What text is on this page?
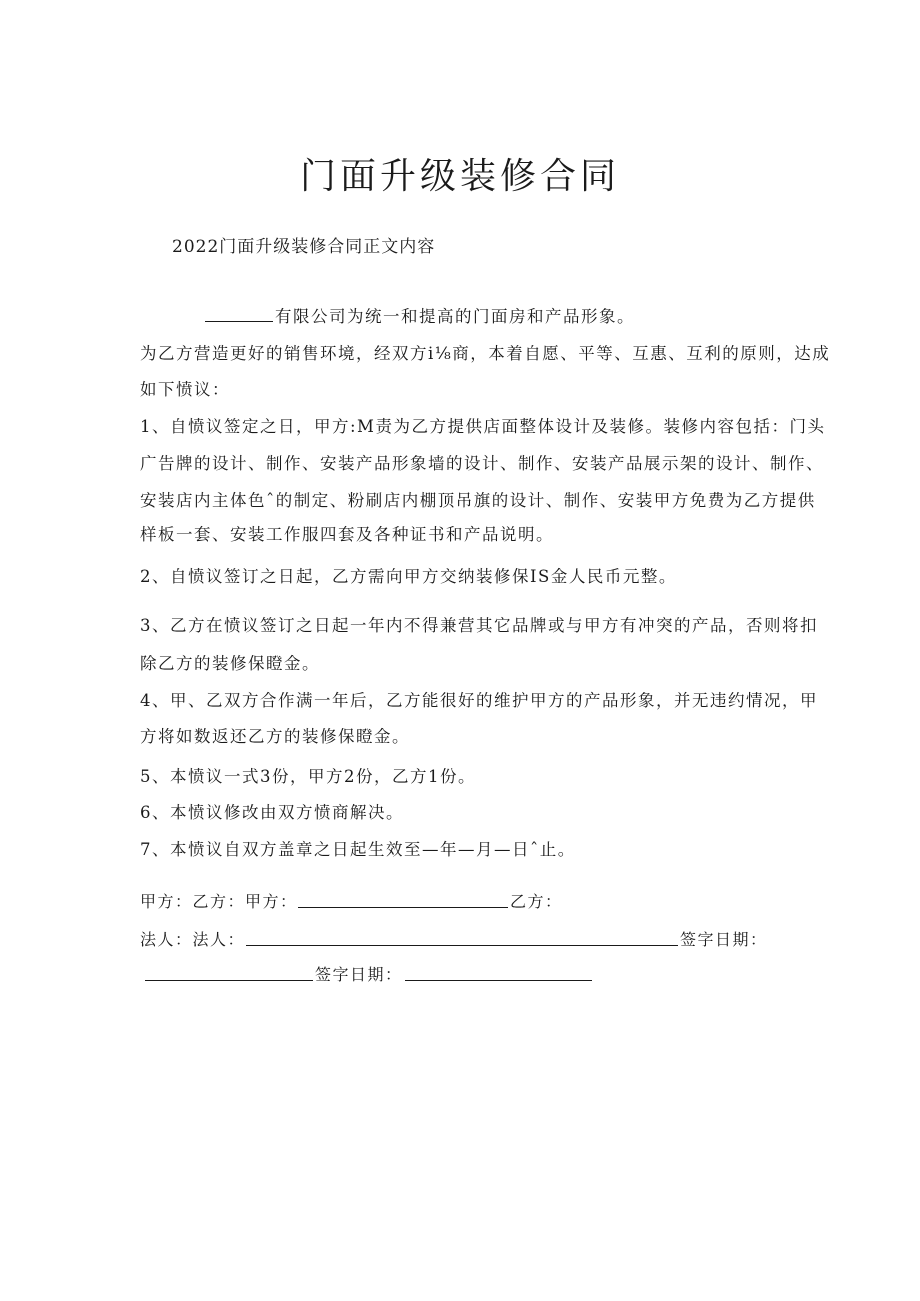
门面升级装修合同
2022门面升级装修合同正文内容
有限公司为统一和提高的门面房和产品形象。
为乙方营造更好的销售环境，经双方i⅛商，本着自愿、平等、互惠、互利的原则，达成
如下愤议：
1、自愤议签定之日，甲方:M责为乙方提供店面整体设计及装修。装修内容包括：门头
广告牌的设计、制作、安装产品形象墙的设计、制作、安装产品展示架的设计、制作、
安装店内主体色ˆ的制定、粉刷店内棚顶吊旗的设计、制作、安装甲方免费为乙方提供
样板一套、安装工作服四套及各种证书和产品说明。
2、自愤议签订之日起，乙方需向甲方交纳装修保IS金人民币元整。
3、乙方在愤议签订之日起一年内不得兼营其它品牌或与甲方有冲突的产品，否则将扣
除乙方的装修保瞪金。
4、甲、乙双方合作满一年后，乙方能很好的维护甲方的产品形象，并无违约情况，甲
方将如数返还乙方的装修保瞪金。
5、本愤议一式3份，甲方2份，乙方1份。
6、本愤议修改由双方愤商解决。
7、本愤议自双方盖章之日起生效至—年—月—日ˆ止。
甲方：乙方：甲方：	乙方：
法人：法人：	签字日期：
签字日期：
